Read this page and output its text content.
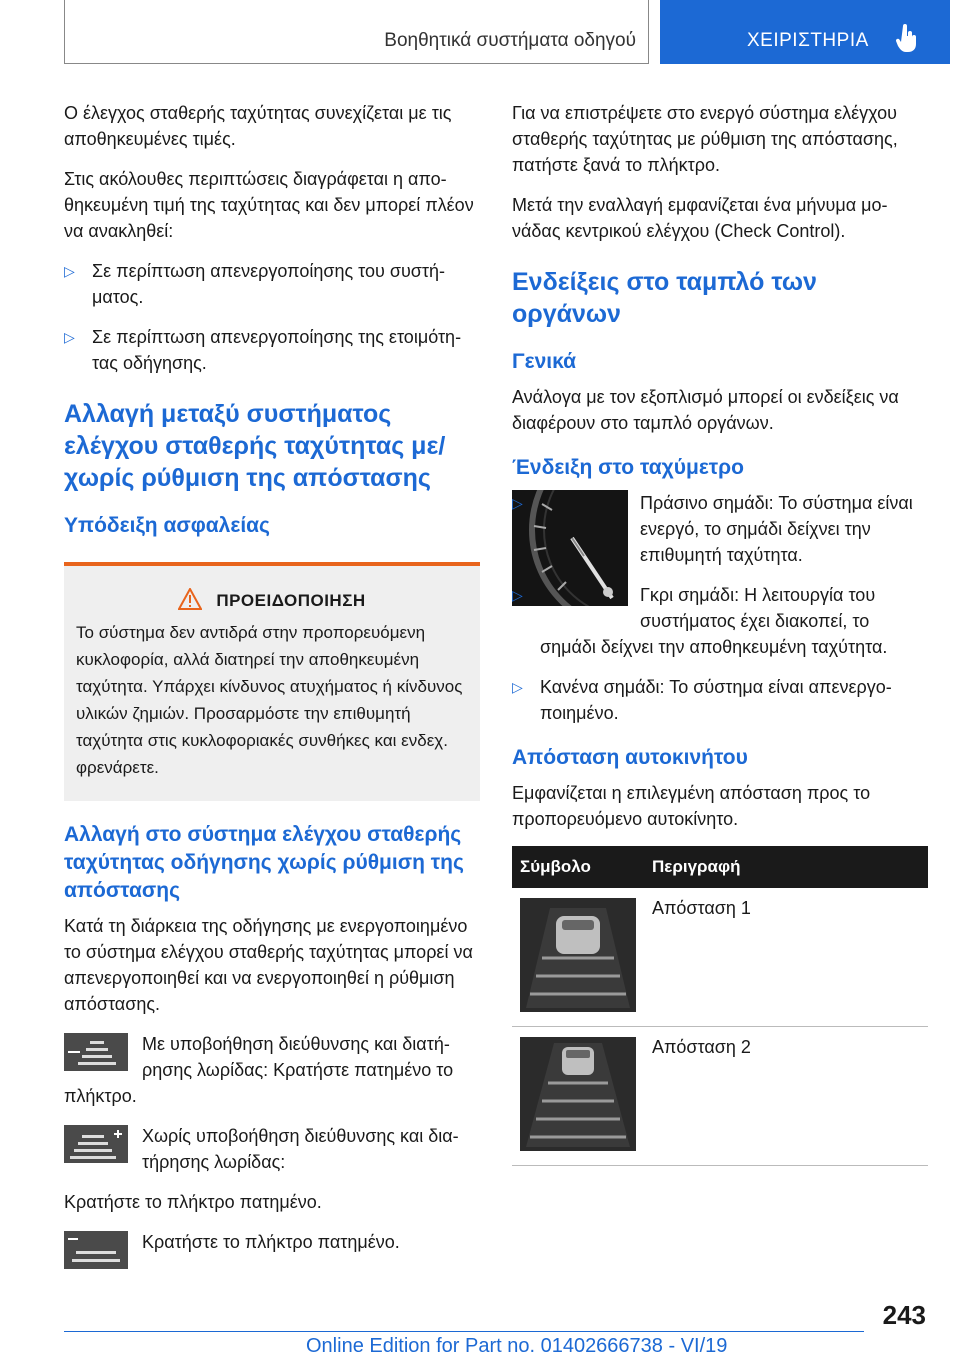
Βοηθητικά συστήματα οδηγού	ΧΕΙΡΙΣΤΗΡΙΑ

Ο έλεγχος σταθερής ταχύτητας συνεχίζεται με τις αποθηκευμένες τιμές.

Στις ακόλουθες περιπτώσεις διαγράφεται η αποθηκευμένη τιμή της ταχύτητας και δεν μπορεί πλέον να ανακληθεί:

▷ Σε περίπτωση απενεργοποίησης του συστήματος.
▷ Σε περίπτωση απενεργοποίησης της ετοιμότητας οδήγησης.
Αλλαγή μεταξύ συστήματος ελέγχου σταθερής ταχύτητας με/χωρίς ρύθμιση της απόστασης
Υπόδειξη ασφαλείας
ΠΡΟΕΙΔΟΠΟΙΗΣΗ

Το σύστημα δεν αντιδρά στην προπορευόμενη κυκλοφορία, αλλά διατηρεί την αποθηκευμένη ταχύτητα. Υπάρχει κίνδυνος ατυχήματος ή κίνδυνος υλικών ζημιών. Προσαρμόστε την επιθυμητή ταχύτητα στις κυκλοφοριακές συνθήκες και ενδεχ. φρενάρετε.

Αλλαγή στο σύστημα ελέγχου σταθερής ταχύτητας οδήγησης χωρίς ρύθμιση της απόστασης

Κατά τη διάρκεια της οδήγησης με ενεργοποιημένο το σύστημα ελέγχου σταθερής ταχύτητας μπορεί να απενεργοποιηθεί και να ενεργοποιηθεί η ρύθμιση απόστασης.

Με υποβοήθηση διεύθυνσης και διατήρησης λωρίδας: Κρατήστε πατημένο το πλήκτρο.
Χωρίς υποβοήθηση διεύθυνσης και διατήρησης λωρίδας:

Κρατήστε το πλήκτρο πατημένο.

Κρατήστε το πλήκτρο πατημένο.

Για να επιστρέψετε στο ενεργό σύστημα ελέγχου σταθερής ταχύτητας με ρύθμιση της απόστασης, πατήστε ξανά το πλήκτρο.

Μετά την εναλλαγή εμφανίζεται ένα μήνυμα μονάδας κεντρικού ελέγχου (Check Control).

Ενδείξεις στο ταμπλό των οργάνων
Γενικά

Ανάλογα με τον εξοπλισμό μπορεί οι ενδείξεις να διαφέρουν στο ταμπλό οργάνων.

Ένδειξη στο ταχύμετρο
▷ Πράσινο σημάδι: Το σύστημα είναι ενεργό, το σημάδι δείχνει την επιθυμητή ταχύτητα.
▷ Γκρι σημάδι: Η λειτουργία του συστήματος έχει διακοπεί, το σημάδι δείχνει την αποθηκευμένη ταχύτητα.
▷ Κανένα σημάδι: Το σύστημα είναι απενεργοποιημένο.
Απόσταση αυτοκινήτου

Εμφανίζεται η επιλεγμένη απόσταση προς το προπορευόμενο αυτοκίνητο.

Σύμβολο	Περιγραφή

	Απόσταση 1

	Απόσταση 2
243
Online Edition for Part no. 01402666738 - VI/19
